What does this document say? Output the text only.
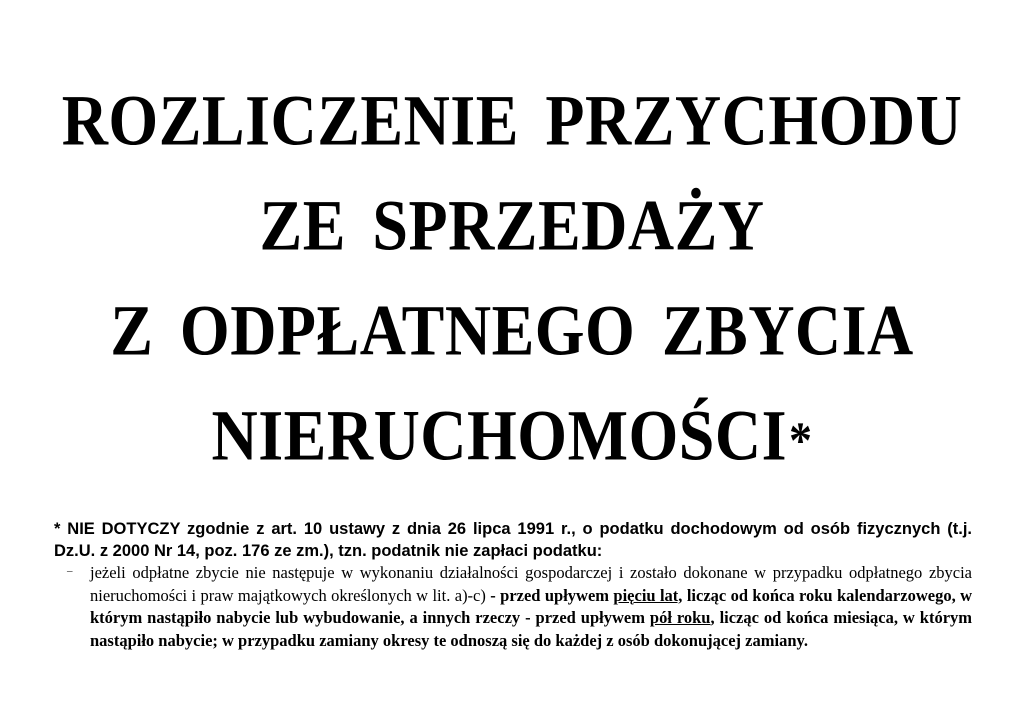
ROZLICZENIE PRZYCHODU
ZE SPRZEDAŻY
Z ODPŁATNEGO ZBYCIA
NIERUCHOMOŚCI*
* NIE DOTYCZY zgodnie z art. 10 ustawy z dnia 26 lipca 1991 r., o podatku dochodowym od osób fizycznych (t.j. Dz.U. z 2000 Nr 14, poz. 176 ze zm.), tzn. podatnik nie zapłaci podatku:
– jeżeli odpłatne zbycie nie następuje w wykonaniu działalności gospodarczej i zostało dokonane w przypadku odpłatnego zbycia nieruchomości i praw majątkowych określonych w lit. a)-c) - przed upływem pięciu lat, licząc od końca roku kalendarzowego, w którym nastąpiło nabycie lub wybudowanie, a innych rzeczy - przed upływem pół roku, licząc od końca miesiąca, w którym nastąpiło nabycie; w przypadku zamiany okresy te odnoszą się do każdej z osób dokonującej zamiany.
